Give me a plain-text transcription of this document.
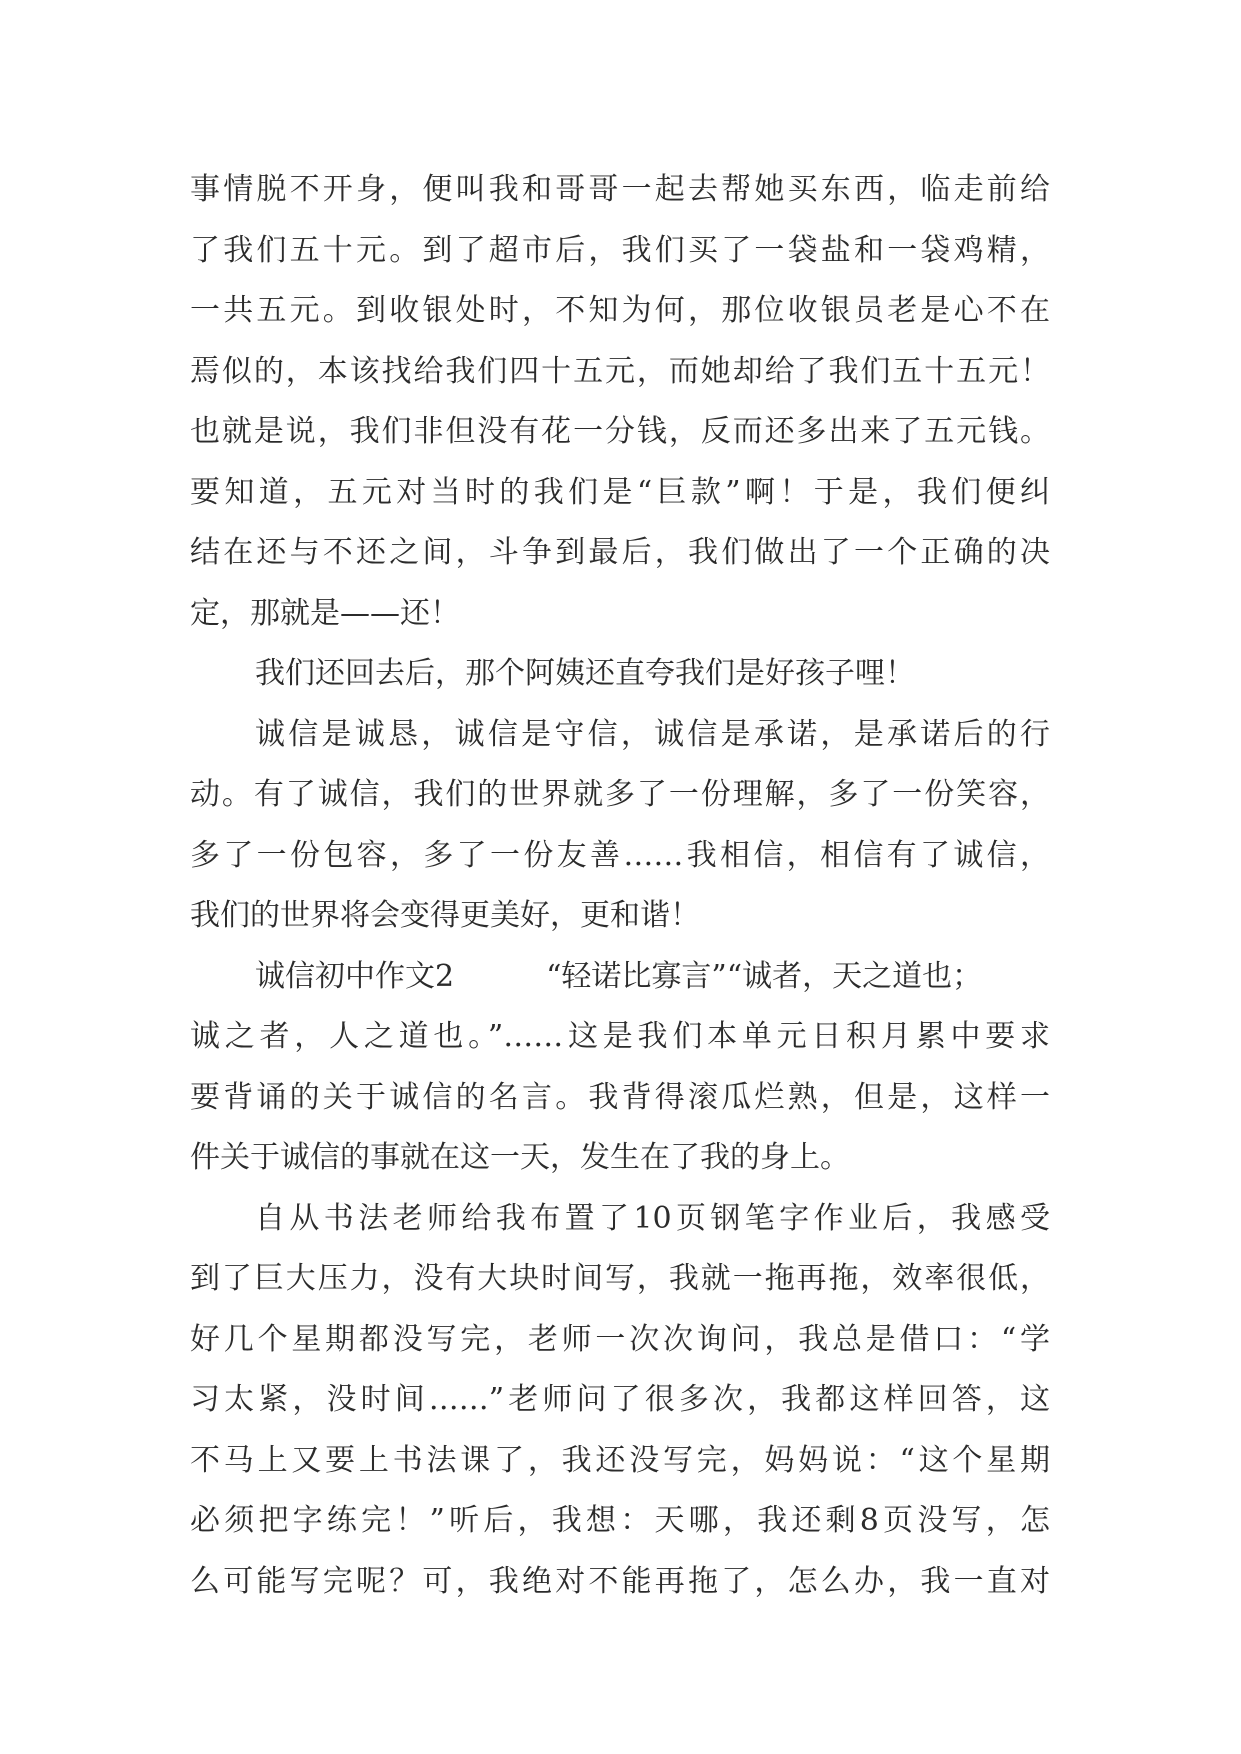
事情脱不开身，便叫我和哥哥一起去帮她买东西，临走前给
了我们五十元。到了超市后，我们买了一袋盐和一袋鸡精，
一共五元。到收银处时，不知为何，那位收银员老是心不在
焉似的，本该找给我们四十五元，而她却给了我们五十五元！
也就是说，我们非但没有花一分钱，反而还多出来了五元钱。
要知道，五元对当时的我们是“巨款”啊！于是，我们便纠
结在还与不还之间，斗争到最后，我们做出了一个正确的决
定，那就是——还！
我们还回去后，那个阿姨还直夸我们是好孩子哩！
诚信是诚恳，诚信是守信，诚信是承诺，是承诺后的行
动。有了诚信，我们的世界就多了一份理解，多了一份笑容，
多了一份包容，多了一份友善……我相信，相信有了诚信，
我们的世界将会变得更美好，更和谐！
诚信初中作文2	“轻诺比寡言”“诚者，天之道也；
诚之者，人之道也。”……这是我们本单元日积月累中要求
要背诵的关于诚信的名言。我背得滚瓜烂熟，但是，这样一
件关于诚信的事就在这一天，发生在了我的身上。
自从书法老师给我布置了10页钢笔字作业后，我感受
到了巨大压力，没有大块时间写，我就一拖再拖，效率很低，
好几个星期都没写完，老师一次次询问，我总是借口：“学
习太紧，没时间……”老师问了很多次，我都这样回答，这
不马上又要上书法课了，我还没写完，妈妈说：“这个星期
必须把字练完！”听后，我想：天哪，我还剩8页没写，怎
么可能写完呢？可，我绝对不能再拖了，怎么办，我一直对
